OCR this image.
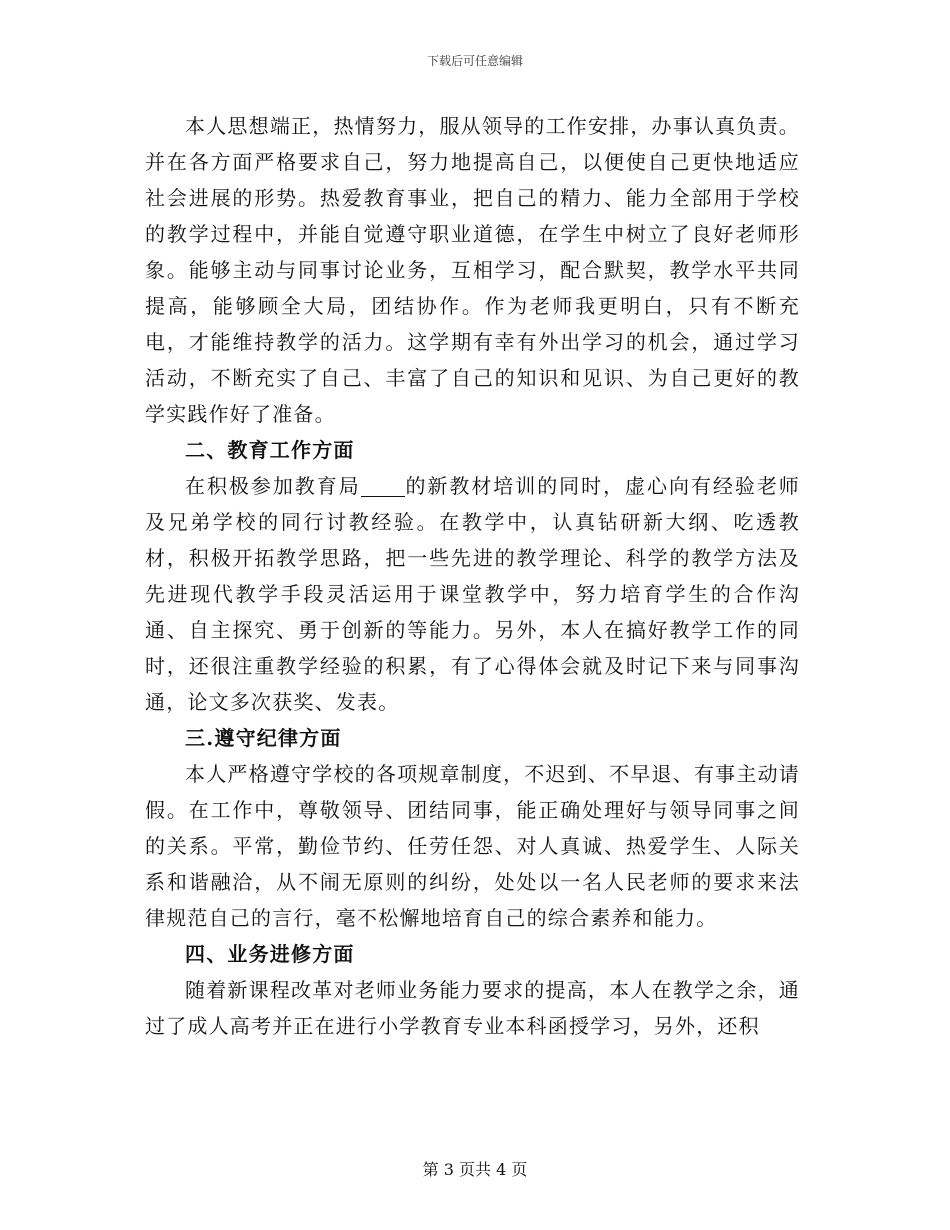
下载后可任意编辑

本人思想端正，热情努力，服从领导的工作安排，办事认真负责。并在各方面严格要求自己，努力地提高自己，以便使自己更快地适应社会进展的形势。热爱教育事业，把自己的精力、能力全部用于学校的教学过程中，并能自觉遵守职业道德，在学生中树立了良好老师形象。能够主动与同事讨论业务，互相学习，配合默契，教学水平共同提高，能够顾全大局，团结协作。作为老师我更明白，只有不断充电，才能维持教学的活力。这学期有幸有外出学习的机会，通过学习活动，不断充实了自己、丰富了自己的知识和见识、为自己更好的教学实践作好了准备。

二、教育工作方面

在积极参加教育局 的新教材培训的同时，虚心向有经验老师及兄弟学校的同行讨教经验。在教学中，认真钻研新大纲、吃透教材，积极开拓教学思路，把一些先进的教学理论、科学的教学方法及先进现代教学手段灵活运用于课堂教学中，努力培育学生的合作沟通、自主探究、勇于创新的等能力。另外，本人在搞好教学工作的同时，还很注重教学经验的积累，有了心得体会就及时记下来与同事沟通，论文多次获奖、发表。

三.遵守纪律方面

本人严格遵守学校的各项规章制度，不迟到、不早退、有事主动请假。在工作中，尊敬领导、团结同事，能正确处理好与领导同事之间的关系。平常，勤俭节约、任劳任怨、对人真诚、热爱学生、人际关系和谐融洽，从不闹无原则的纠纷，处处以一名人民老师的要求来法律规范自己的言行，毫不松懈地培育自己的综合素养和能力。

四、业务进修方面

随着新课程改革对老师业务能力要求的提高，本人在教学之余，通过了成人高考并正在进行小学教育专业本科函授学习，另外，还积

第 3 页共 4 页
